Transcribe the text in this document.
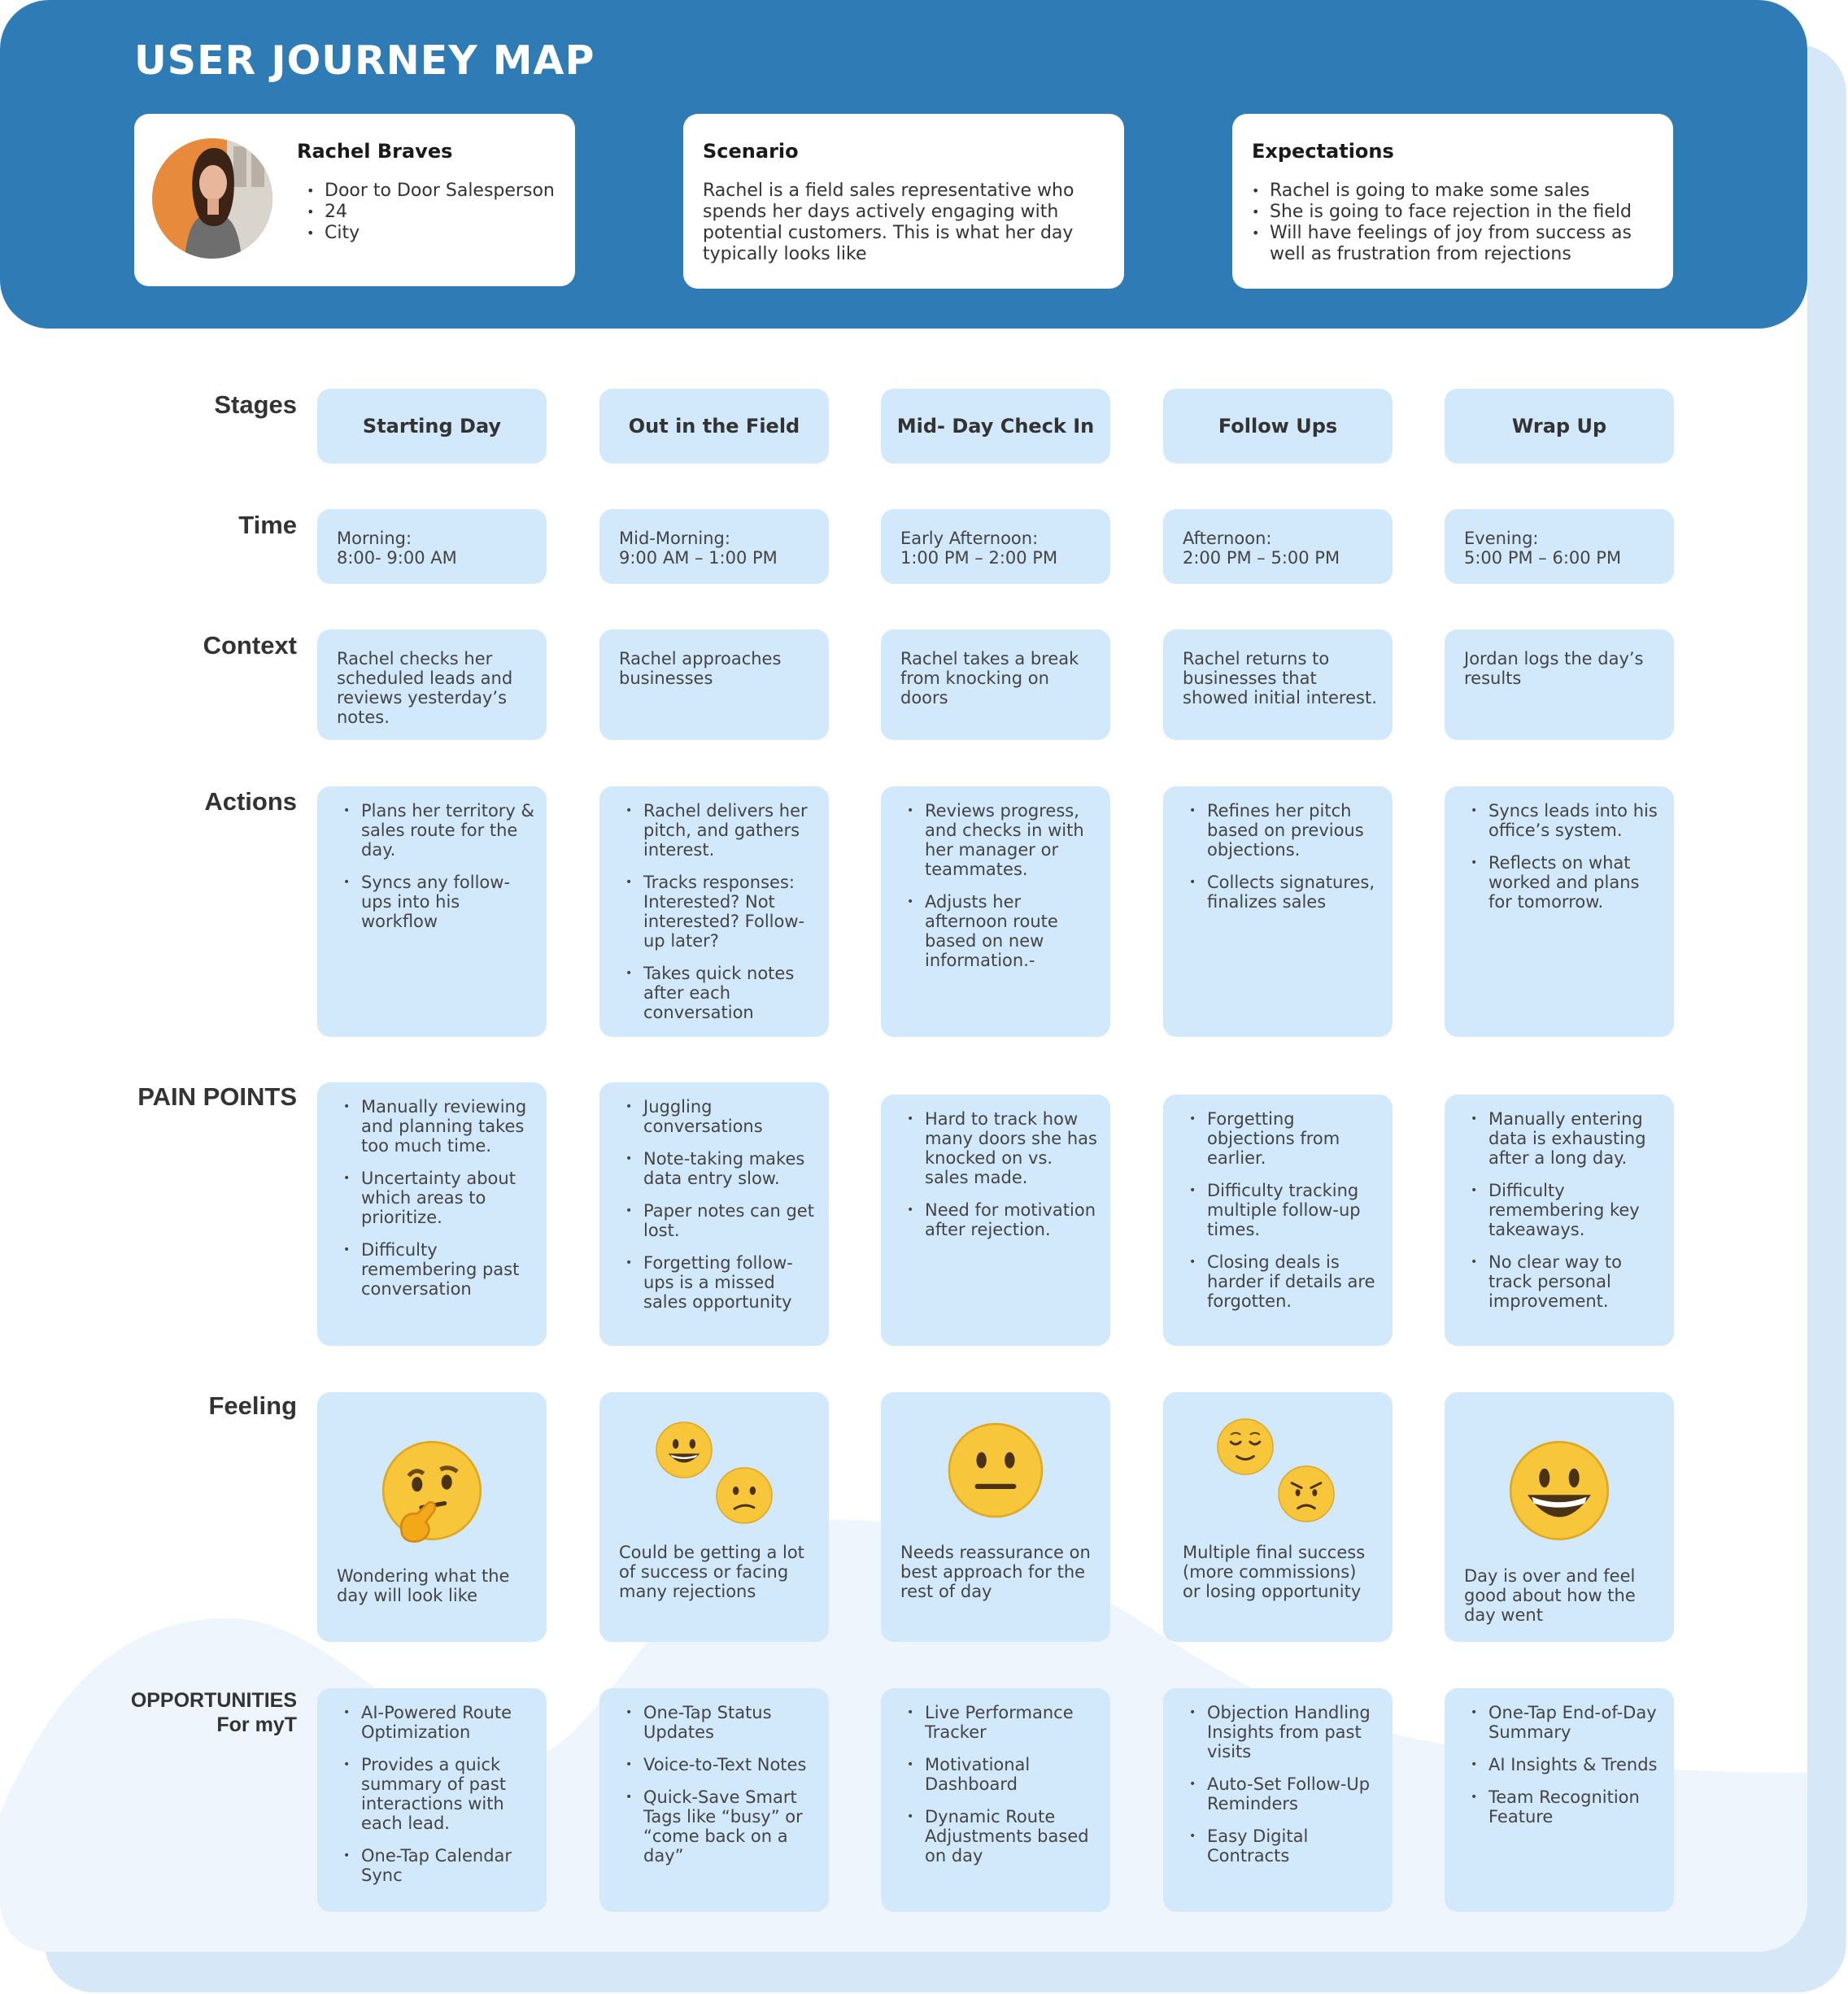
USER JOURNEY MAP
Rachel Braves
• Door to Door Salesperson
• 24
• City
Scenario
Rachel is a field sales representative who spends her days actively engaging with potential customers. This is what her day typically looks like
Expectations
• Rachel is going to make some sales
• She is going to face rejection in the field
• Will have feelings of joy from success as well as frustration from rejections
Stages
Time
Context
Actions
PAIN POINTS
Feeling
OPPORTUNITIES
For myT
Starting Day
Morning:
8:00- 9:00 AM
Rachel checks her scheduled leads and reviews yesterday’s notes.
• Plans her territory & sales route for the day.
• Syncs any follow-ups into his workflow
• Manually reviewing and planning takes too much time.
• Uncertainty about which areas to prioritize.
• Difficulty remembering past conversation
Wondering what the day will look like
• AI-Powered Route Optimization
• Provides a quick summary of past interactions with each lead.
• One-Tap Calendar Sync
Out in the Field
Mid-Morning:
9:00 AM – 1:00 PM
Rachel approaches businesses
• Rachel delivers her pitch, and gathers interest.
• Tracks responses: Interested? Not interested? Follow-up later?
• Takes quick notes after each conversation
• Juggling conversations
• Note-taking makes data entry slow.
• Paper notes can get lost.
• Forgetting follow-ups is a missed sales opportunity
Could be getting a lot of success or facing many rejections
• One-Tap Status Updates
• Voice-to-Text Notes
• Quick-Save Smart Tags like “busy” or “come back on a day”
Mid- Day Check In
Early Afternoon:
1:00 PM – 2:00 PM
Rachel takes a break from knocking on doors
• Reviews progress, and checks in with her manager or teammates.
• Adjusts her afternoon route based on new information.-
• Hard to track how many doors she has knocked on vs. sales made.
• Need for motivation after rejection.
Needs reassurance on best approach for the rest of day
• Live Performance Tracker
• Motivational Dashboard
• Dynamic Route Adjustments based on day
Follow Ups
Afternoon:
2:00 PM – 5:00 PM
Rachel returns to businesses that showed initial interest.
• Refines her pitch based on previous objections.
• Collects signatures, finalizes sales
• Forgetting objections from earlier.
• Difficulty tracking multiple follow-up times.
• Closing deals is harder if details are forgotten.
Multiple final success (more commissions) or losing opportunity
• Objection Handling Insights from past visits
• Auto-Set Follow-Up Reminders
• Easy Digital Contracts
Wrap Up
Evening:
5:00 PM – 6:00 PM
Jordan logs the day’s results
• Syncs leads into his office’s system.
• Reflects on what worked and plans for tomorrow.
• Manually entering data is exhausting after a long day.
• Difficulty remembering key takeaways.
• No clear way to track personal improvement.
Day is over and feel good about how the day went
• One-Tap End-of-Day Summary
• AI Insights & Trends
• Team Recognition Feature
